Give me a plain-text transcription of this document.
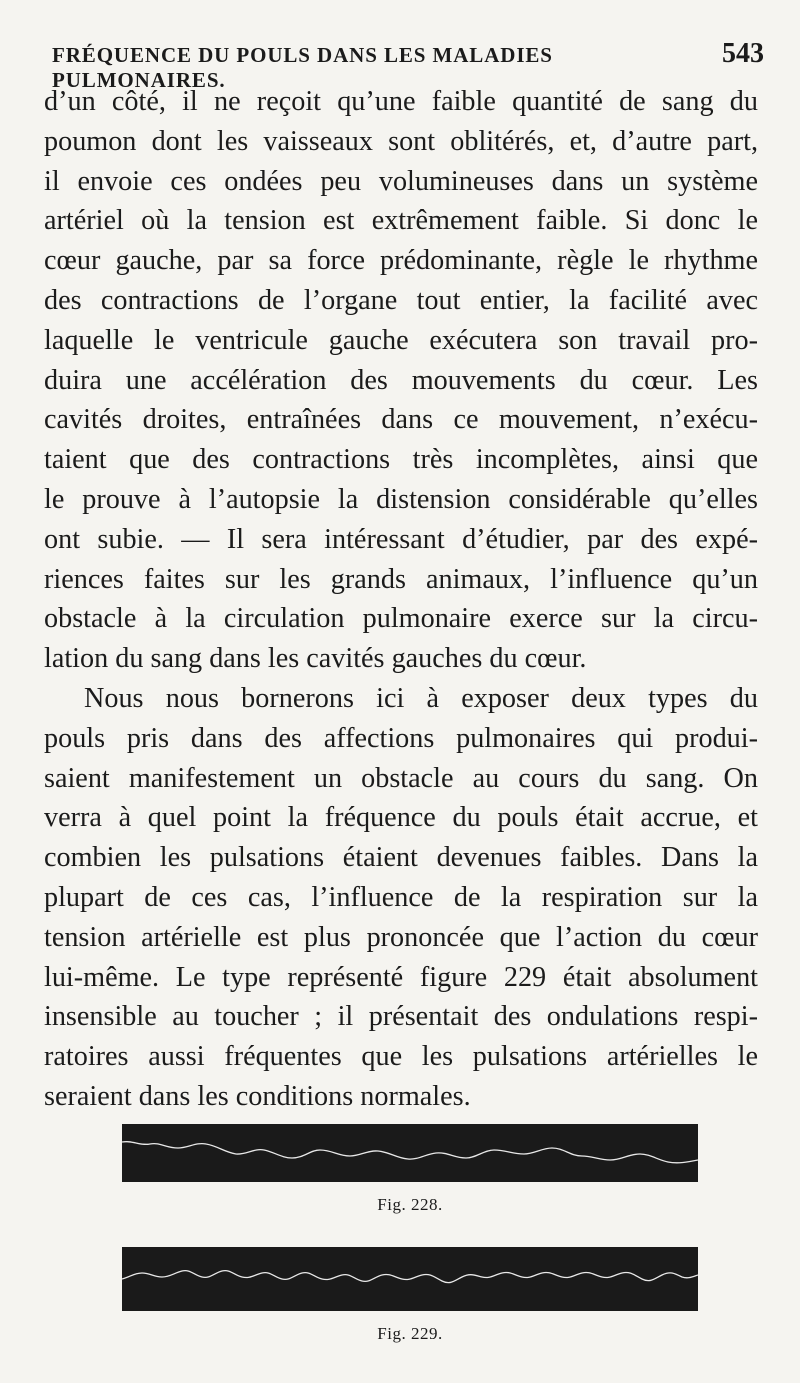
FRÉQUENCE DU POULS DANS LES MALADIES PULMONAIRES.
543
d’un côté, il ne reçoit qu’une faible quantité de sang du
poumon dont les vaisseaux sont oblitérés, et, d’autre part,
il envoie ces ondées peu volumineuses dans un système
artériel où la tension est extrêmement faible. Si donc le
cœur gauche, par sa force prédominante, règle le rhythme
des contractions de l’organe tout entier, la facilité avec
laquelle le ventricule gauche exécutera son travail pro-
duira une accélération des mouvements du cœur. Les
cavités droites, entraînées dans ce mouvement, n’exécu-
taient que des contractions très incomplètes, ainsi que
le prouve à l’autopsie la distension considérable qu’elles
ont subie. — Il sera intéressant d’étudier, par des expé-
riences faites sur les grands animaux, l’influence qu’un
obstacle à la circulation pulmonaire exerce sur la circu-
lation du sang dans les cavités gauches du cœur.
Nous nous bornerons ici à exposer deux types du
pouls pris dans des affections pulmonaires qui produi-
saient manifestement un obstacle au cours du sang. On
verra à quel point la fréquence du pouls était accrue, et
combien les pulsations étaient devenues faibles. Dans la
plupart de ces cas, l’influence de la respiration sur la
tension artérielle est plus prononcée que l’action du cœur
lui-même. Le type représenté figure 229 était absolument
insensible au toucher ; il présentait des ondulations respi-
ratoires aussi fréquentes que les pulsations artérielles le
seraient dans les conditions normales.
Fig. 228.
Fig. 229.
